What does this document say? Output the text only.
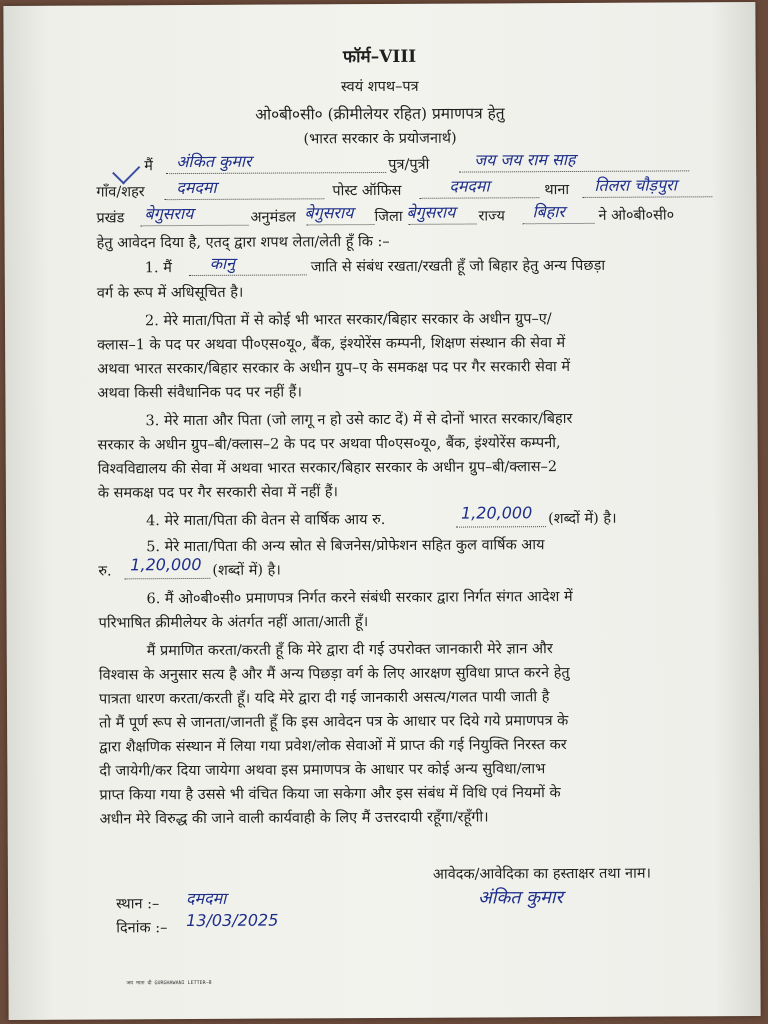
फॉर्म–VIII
स्वयं शपथ–पत्र
ओ०बी०सी० (क्रीमीलेयर रहित) प्रमाणपत्र हेतु
(भारत सरकार के प्रयोजनार्थ)
मैं अंकित कुमार	पुत्र/पुत्री	जय जय राम साह
गाँव/शहर दमदमा	पोस्ट ऑफिस	दमदमा	थाना तिलरा चौड़पुरा
प्रखंड बेगुसराय	अनुमंडल बेगुसराय जिला बेगुसराय राज्य बिहार ने ओ०बी०सी०
हेतु आवेदन दिया है, एतद् द्वारा शपथ लेता/लेती हूँ कि :–
1. मैं कानु	जाति से संबंध रखता/रखती हूँ जो बिहार हेतु अन्य पिछड़ा
वर्ग के रूप में अधिसूचित है।
2. मेरे माता/पिता में से कोई भी भारत सरकार/बिहार सरकार के अधीन ग्रुप–ए/
क्लास–1 के पद पर अथवा पी०एस०यू०, बैंक, इंश्योरेंस कम्पनी, शिक्षण संस्थान की सेवा में
अथवा भारत सरकार/बिहार सरकार के अधीन ग्रुप–ए के समकक्ष पद पर गैर सरकारी सेवा में
अथवा किसी संवैधानिक पद पर नहीं हैं।
3. मेरे माता और पिता (जो लागू न हो उसे काट दें) में से दोनों भारत सरकार/बिहार
सरकार के अधीन ग्रुप–बी/क्लास–2 के पद पर अथवा पी०एस०यू०, बैंक, इंश्योरेंस कम्पनी,
विश्वविद्यालय की सेवा में अथवा भारत सरकार/बिहार सरकार के अधीन ग्रुप–बी/क्लास–2
के समकक्ष पद पर गैर सरकारी सेवा में नहीं हैं।
4. मेरे माता/पिता की वेतन से वार्षिक आय रु.	1,20,000 (शब्दों में) है।
5. मेरे माता/पिता की अन्य स्रोत से बिजनेस/प्रोफेशन सहित कुल वार्षिक आय
रु. 1,20,000 (शब्दों में) है।
6. मैं ओ०बी०सी० प्रमाणपत्र निर्गत करने संबंधी सरकार द्वारा निर्गत संगत आदेश में
परिभाषित क्रीमीलेयर के अंतर्गत नहीं आता/आती हूँ।
मैं प्रमाणित करता/करती हूँ कि मेरे द्वारा दी गई उपरोक्त जानकारी मेरे ज्ञान और
विश्वास के अनुसार सत्य है और मैं अन्य पिछड़ा वर्ग के लिए आरक्षण सुविधा प्राप्त करने हेतु
पात्रता धारण करता/करती हूँ। यदि मेरे द्वारा दी गई जानकारी असत्य/गलत पायी जाती है
तो मैं पूर्ण रूप से जानता/जानती हूँ कि इस आवेदन पत्र के आधार पर दिये गये प्रमाणपत्र के
द्वारा शैक्षणिक संस्थान में लिया गया प्रवेश/लोक सेवाओं में प्राप्त की गई नियुक्ति निरस्त कर
दी जायेगी/कर दिया जायेगा अथवा इस प्रमाणपत्र के आधार पर कोई अन्य सुविधा/लाभ
प्राप्त किया गया है उससे भी वंचित किया जा सकेगा और इस संबंध में विधि एवं नियमों के
अधीन मेरे विरुद्ध की जाने वाली कार्यवाही के लिए मैं उत्तरदायी रहूँगा/रहूँगी।
आवेदक/आवेदिका का हस्ताक्षर तथा नाम।
अंकित कुमार
स्थान :– दमदमा
दिनांक :– 13/03/2025
जय माता दी GURGHAWANI LETTER–8
